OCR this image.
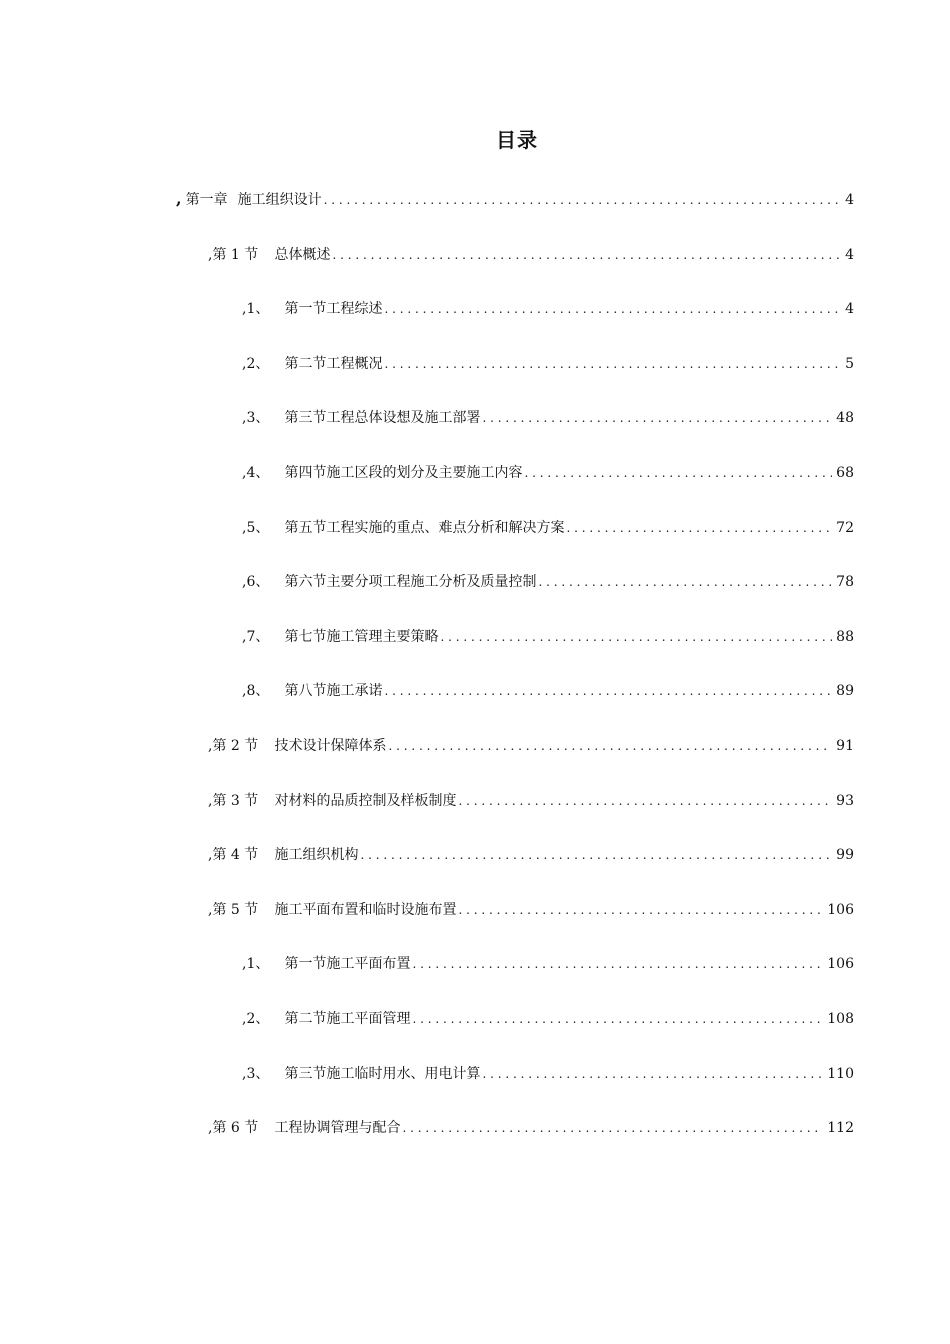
目录
, 第一章 施工组织设计 . . .	4
,第 1 节 总体概述 . . .	4
,1、 第一节工程综述 . . .	4
,2、 第二节工程概况 . . .	5
,3、 第三节工程总体设想及施工部署 . . .	48
,4、 第四节施工区段的划分及主要施工内容 . . .	68
,5、 第五节工程实施的重点、难点分析和解决方案 . . .	72
,6、 第六节主要分项工程施工分析及质量控制 . . .	78
,7、 第七节施工管理主要策略 . . .	88
,8、 第八节施工承诺 . . .	89
,第 2 节 技术设计保障体系 . . .	91
,第 3 节 对材料的品质控制及样板制度 . . .	93
,第 4 节 施工组织机构 . . .	99
,第 5 节 施工平面布置和临时设施布置 . . .	106
,1、 第一节施工平面布置 . . .	106
,2、 第二节施工平面管理 . . .	108
,3、 第三节施工临时用水、用电计算 . . .	110
,第 6 节 工程协调管理与配合 . . .	112
